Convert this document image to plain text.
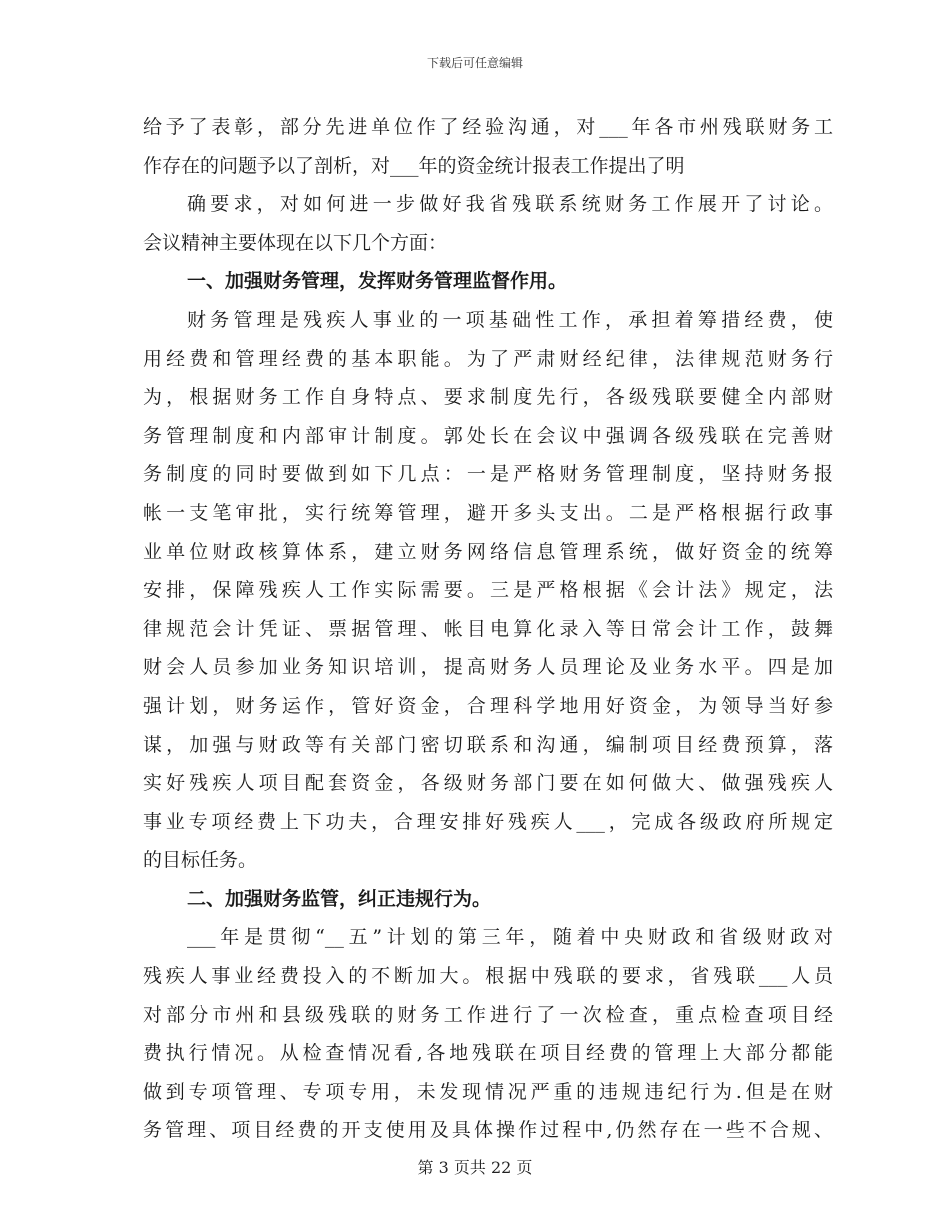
下载后可任意编辑
给予了表彰，部分先进单位作了经验沟通，对___年各市州残联财务工
作存在的问题予以了剖析，对___年的资金统计报表工作提出了明
确要求，对如何进一步做好我省残联系统财务工作展开了讨论。
会议精神主要体现在以下几个方面：
一、加强财务管理，发挥财务管理监督作用。
财务管理是残疾人事业的一项基础性工作，承担着筹措经费，使
用经费和管理经费的基本职能。为了严肃财经纪律，法律规范财务行
为，根据财务工作自身特点、要求制度先行，各级残联要健全内部财
务管理制度和内部审计制度。郭处长在会议中强调各级残联在完善财
务制度的同时要做到如下几点：一是严格财务管理制度，坚持财务报
帐一支笔审批，实行统筹管理，避开多头支出。二是严格根据行政事
业单位财政核算体系，建立财务网络信息管理系统，做好资金的统筹
安排，保障残疾人工作实际需要。三是严格根据《会计法》规定，法
律规范会计凭证、票据管理、帐目电算化录入等日常会计工作，鼓舞
财会人员参加业务知识培训，提高财务人员理论及业务水平。四是加
强计划，财务运作，管好资金，合理科学地用好资金，为领导当好参
谋，加强与财政等有关部门密切联系和沟通，编制项目经费预算，落
实好残疾人项目配套资金，各级财务部门要在如何做大、做强残疾人
事业专项经费上下功夫，合理安排好残疾人___，完成各级政府所规定
的目标任务。
二、加强财务监管，纠正违规行为。
___年是贯彻“__五”计划的第三年，随着中央财政和省级财政对
残疾人事业经费投入的不断加大。根据中残联的要求，省残联___人员
对部分市州和县级残联的财务工作进行了一次检查，重点检查项目经
费执行情况。从检查情况看,各地残联在项目经费的管理上大部分都能
做到专项管理、专项专用，未发现情况严重的违规违纪行为.但是在财
务管理、项目经费的开支使用及具体操作过程中,仍然存在一些不合规、
第 3 页共 22 页
